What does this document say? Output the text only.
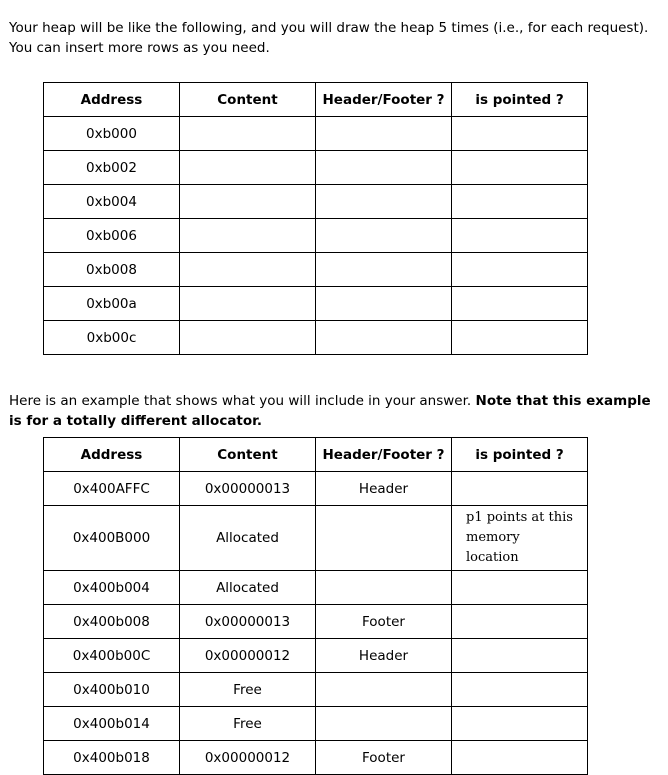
Your heap will be like the following, and you will draw the heap 5 times (i.e., for each request). You can insert more rows as you need.
Address	Content	Header/Footer ?	is pointed ?
0xb000			
0xb002			
0xb004			
0xb006			
0xb008			
0xb00a			
0xb00c			
Here is an example that shows what you will include in your answer. Note that this example is for a totally different allocator.
Address	Content	Header/Footer ?	is pointed ?
0x400AFFC	0x00000013	Header	
0x400B000	Allocated		p1 points at this memory location
0x400b004	Allocated		
0x400b008	0x00000013	Footer	
0x400b00C	0x00000012	Header	
0x400b010	Free		
0x400b014	Free		
0x400b018	0x00000012	Footer	
